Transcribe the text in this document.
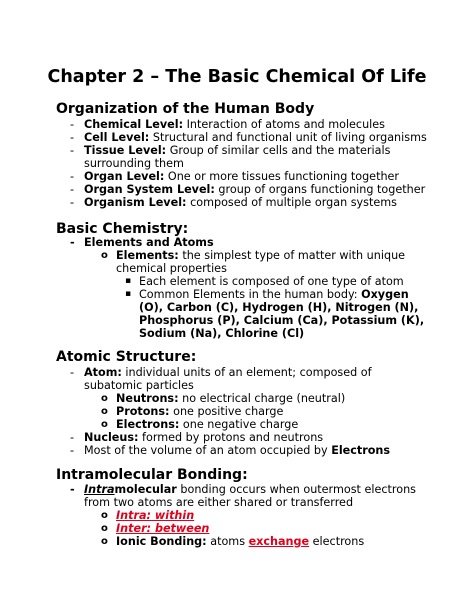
Chapter 2 – The Basic Chemical Of Life
Organization of the Human Body
- Chemical Level: Interaction of atoms and molecules
- Cell Level: Structural and functional unit of living organisms
- Tissue Level: Group of similar cells and the materials
surrounding them
- Organ Level: One or more tissues functioning together
- Organ System Level: group of organs functioning together
- Organism Level: composed of multiple organ systems
Basic Chemistry:
- Elements and Atoms
o Elements: the simplest type of matter with unique
chemical properties
▪ Each element is composed of one type of atom
▪ Common Elements in the human body: Oxygen
(O), Carbon (C), Hydrogen (H), Nitrogen (N),
Phosphorus (P), Calcium (Ca), Potassium (K),
Sodium (Na), Chlorine (Cl)
Atomic Structure:
- Atom: individual units of an element; composed of
subatomic particles
o Neutrons: no electrical charge (neutral)
o Protons: one positive charge
o Electrons: one negative charge
- Nucleus: formed by protons and neutrons
- Most of the volume of an atom occupied by Electrons
Intramolecular Bonding:
- Intramolecular bonding occurs when outermost electrons
from two atoms are either shared or transferred
o Intra: within
o Inter: between
o Ionic Bonding: atoms exchange electrons
